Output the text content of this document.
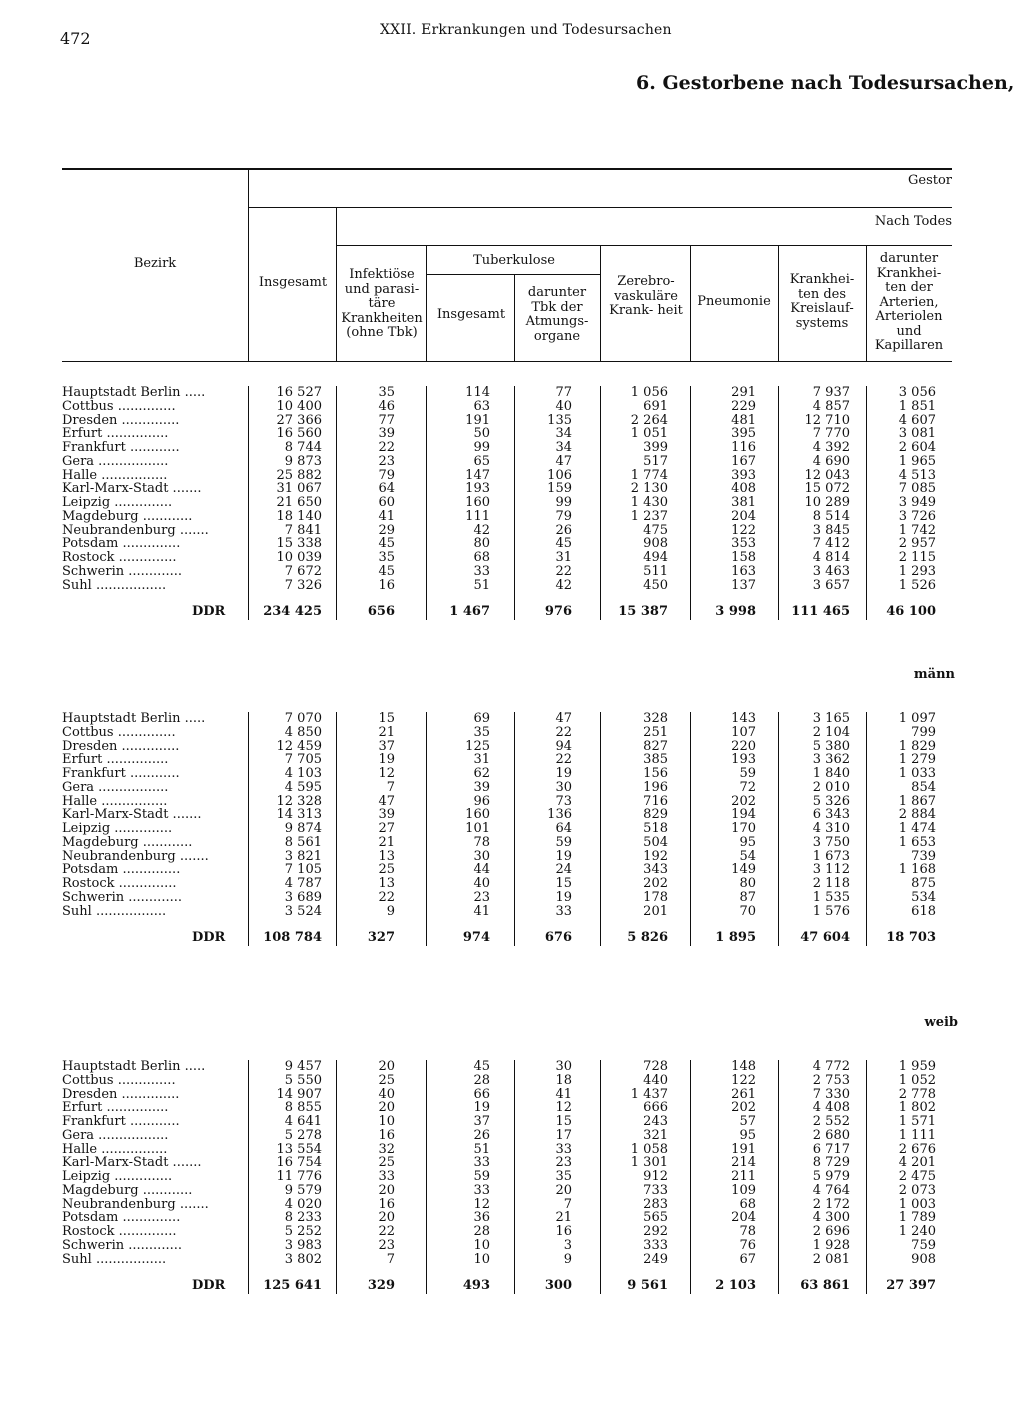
472	XXII. Erkrankungen und Todesursachen
6. Gestorbene nach Todesursachen,
Bezirk
Gestor
Nach Todes
Insgesamt
Infektiöse und parasi- täre Krankheiten (ohne Tbk)
Tuberkulose
Insgesamt
darunter Tbk der Atmungs- organe
Zerebro- vaskuläre Krank- heit
Pneumonie
Krankhei- ten des Kreislauf- systems
darunter Krankhei- ten der Arterien, Arteriolen und Kapillaren
männ
weib
Hauptstadt Berlin .....	16 527	35	114	77	1 056	291	7 937	3 056
Cottbus ..............	10 400	46	63	40	691	229	4 857	1 851
Dresden ..............	27 366	77	191	135	2 264	481	12 710	4 607
Erfurt ...............	16 560	39	50	34	1 051	395	7 770	3 081
Frankfurt ............	8 744	22	99	34	399	116	4 392	2 604
Gera .................	9 873	23	65	47	517	167	4 690	1 965
Halle ................	25 882	79	147	106	1 774	393	12 043	4 513
Karl-Marx-Stadt .......	31 067	64	193	159	2 130	408	15 072	7 085
Leipzig ..............	21 650	60	160	99	1 430	381	10 289	3 949
Magdeburg ............	18 140	41	111	79	1 237	204	8 514	3 726
Neubrandenburg .......	7 841	29	42	26	475	122	3 845	1 742
Potsdam ..............	15 338	45	80	45	908	353	7 412	2 957
Rostock ..............	10 039	35	68	31	494	158	4 814	2 115
Schwerin .............	7 672	45	33	22	511	163	3 463	1 293
Suhl .................	7 326	16	51	42	450	137	3 657	1 526
DDR	234 425	656	1 467	976	15 387	3 998	111 465	46 100
Hauptstadt Berlin .....	7 070	15	69	47	328	143	3 165	1 097
Cottbus ..............	4 850	21	35	22	251	107	2 104	799
Dresden ..............	12 459	37	125	94	827	220	5 380	1 829
Erfurt ...............	7 705	19	31	22	385	193	3 362	1 279
Frankfurt ............	4 103	12	62	19	156	59	1 840	1 033
Gera .................	4 595	7	39	30	196	72	2 010	854
Halle ................	12 328	47	96	73	716	202	5 326	1 867
Karl-Marx-Stadt .......	14 313	39	160	136	829	194	6 343	2 884
Leipzig ..............	9 874	27	101	64	518	170	4 310	1 474
Magdeburg ............	8 561	21	78	59	504	95	3 750	1 653
Neubrandenburg .......	3 821	13	30	19	192	54	1 673	739
Potsdam ..............	7 105	25	44	24	343	149	3 112	1 168
Rostock ..............	4 787	13	40	15	202	80	2 118	875
Schwerin .............	3 689	22	23	19	178	87	1 535	534
Suhl .................	3 524	9	41	33	201	70	1 576	618
DDR	108 784	327	974	676	5 826	1 895	47 604	18 703
Hauptstadt Berlin .....	9 457	20	45	30	728	148	4 772	1 959
Cottbus ..............	5 550	25	28	18	440	122	2 753	1 052
Dresden ..............	14 907	40	66	41	1 437	261	7 330	2 778
Erfurt ...............	8 855	20	19	12	666	202	4 408	1 802
Frankfurt ............	4 641	10	37	15	243	57	2 552	1 571
Gera .................	5 278	16	26	17	321	95	2 680	1 111
Halle ................	13 554	32	51	33	1 058	191	6 717	2 676
Karl-Marx-Stadt .......	16 754	25	33	23	1 301	214	8 729	4 201
Leipzig ..............	11 776	33	59	35	912	211	5 979	2 475
Magdeburg ............	9 579	20	33	20	733	109	4 764	2 073
Neubrandenburg .......	4 020	16	12	7	283	68	2 172	1 003
Potsdam ..............	8 233	20	36	21	565	204	4 300	1 789
Rostock ..............	5 252	22	28	16	292	78	2 696	1 240
Schwerin .............	3 983	23	10	3	333	76	1 928	759
Suhl .................	3 802	7	10	9	249	67	2 081	908
DDR	125 641	329	493	300	9 561	2 103	63 861	27 397
